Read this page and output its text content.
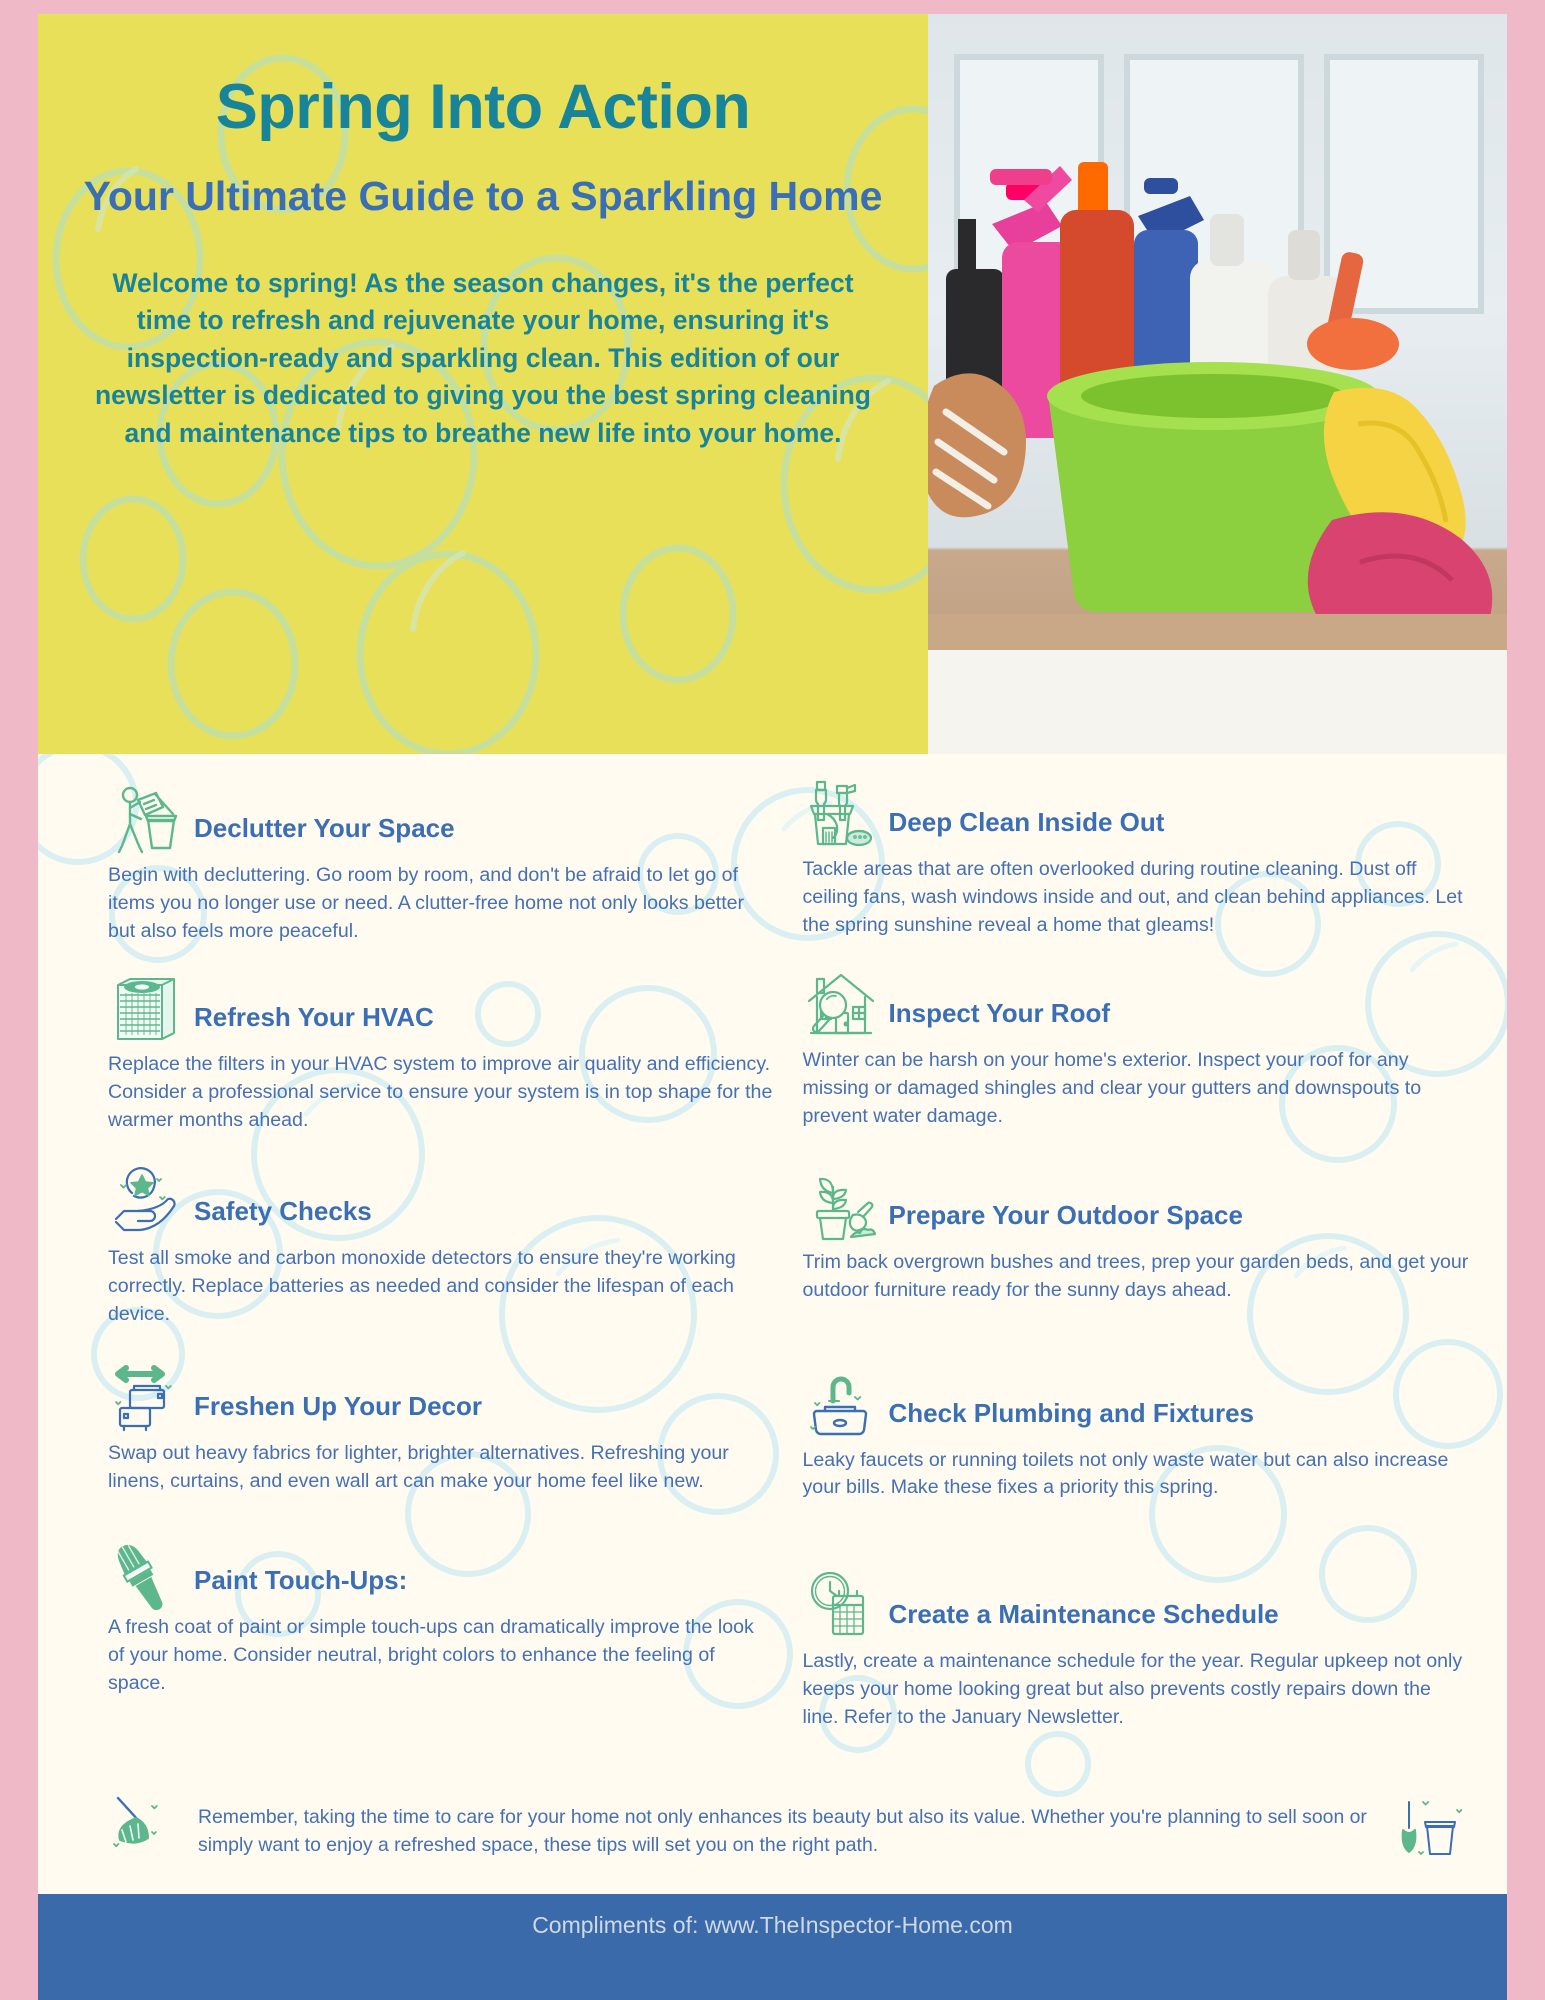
Spring Into Action
Your Ultimate Guide to a Sparkling Home
Welcome to spring! As the season changes, it's the perfect time to refresh and rejuvenate your home, ensuring it's inspection-ready and sparkling clean. This edition of our newsletter is dedicated to giving you the best spring cleaning and maintenance tips to breathe new life into your home.
Declutter Your Space
Begin with decluttering. Go room by room, and don't be afraid to let go of items you no longer use or need. A clutter-free home not only looks better but also feels more peaceful.
Refresh Your HVAC
Replace the filters in your HVAC system to improve air quality and efficiency. Consider a professional service to ensure your system is in top shape for the warmer months ahead.
Safety Checks
Test all smoke and carbon monoxide detectors to ensure they're working correctly. Replace batteries as needed and consider the lifespan of each device.
Freshen Up Your Decor
Swap out heavy fabrics for lighter, brighter alternatives. Refreshing your linens, curtains, and even wall art can make your home feel like new.
Paint Touch-Ups:
A fresh coat of paint or simple touch-ups can dramatically improve the look of your home. Consider neutral, bright colors to enhance the feeling of space.
Deep Clean Inside Out
Tackle areas that are often overlooked during routine cleaning. Dust off ceiling fans, wash windows inside and out, and clean behind appliances. Let the spring sunshine reveal a home that gleams!
Inspect Your Roof
Winter can be harsh on your home's exterior. Inspect your roof for any missing or damaged shingles and clear your gutters and downspouts to prevent water damage.
Prepare Your Outdoor Space
Trim back overgrown bushes and trees, prep your garden beds, and get your outdoor furniture ready for the sunny days ahead.
Check Plumbing and Fixtures
Leaky faucets or running toilets not only waste water but can also increase your bills. Make these fixes a priority this spring.
Create a Maintenance Schedule
Lastly, create a maintenance schedule for the year. Regular upkeep not only keeps your home looking great but also prevents costly repairs down the line. Refer to the January Newsletter.
Remember, taking the time to care for your home not only enhances its beauty but also its value. Whether you're planning to sell soon or simply want to enjoy a refreshed space, these tips will set you on the right path.
Compliments of: www.TheInspector-Home.com
